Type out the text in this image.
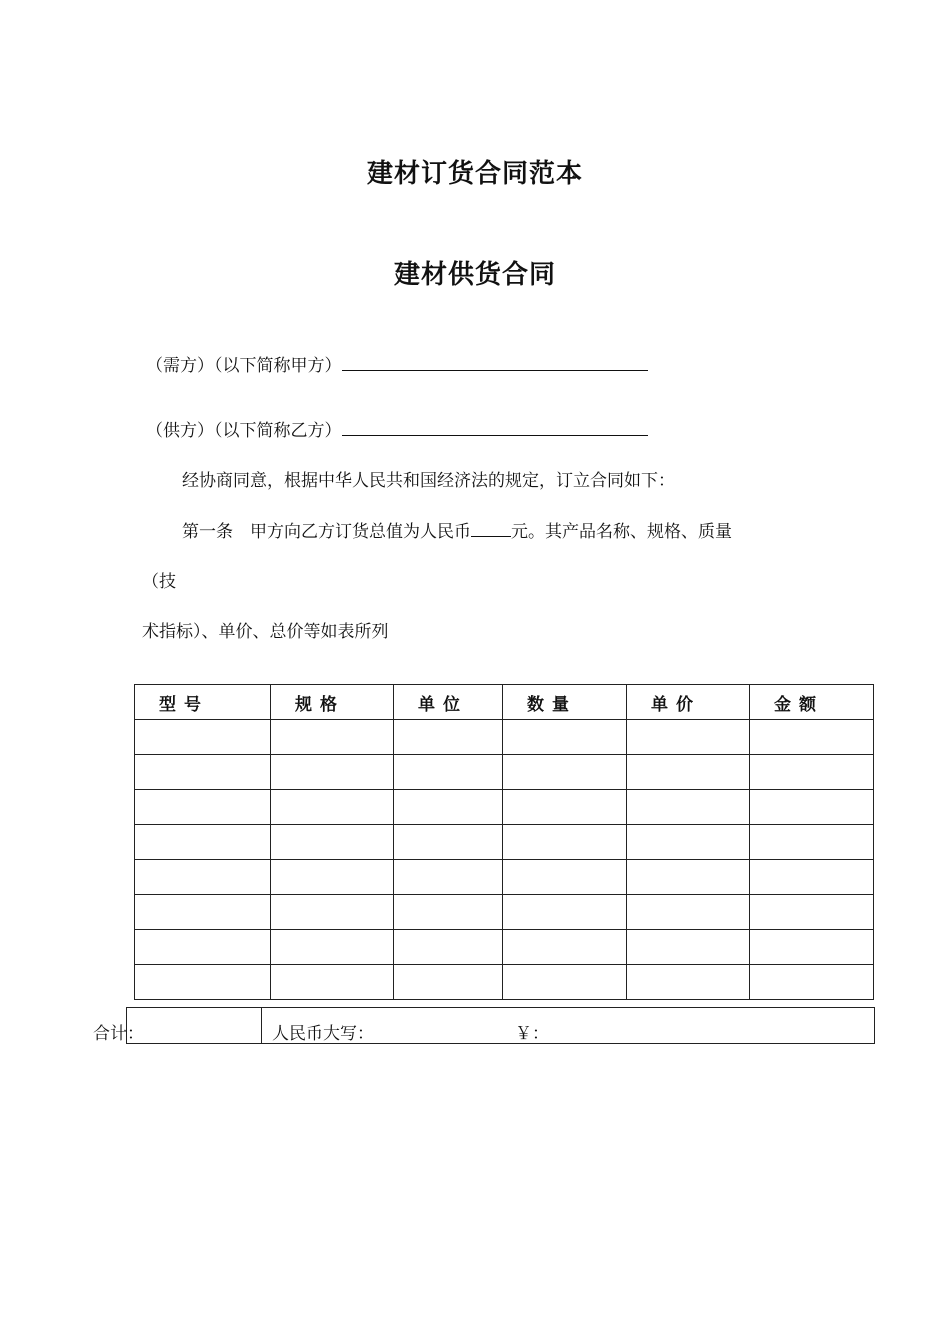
建材订货合同范本
建材供货合同
（需方）（以下简称甲方）
（供方）（以下简称乙方）
经协商同意，根据中华人民共和国经济法的规定，订立合同如下：
第一条　甲方向乙方订货总值为人民币 元。其产品名称、规格、质量
（技
术指标）、单价、总价等如表所列
型号	规格	单位	数量	单价	金额

合计：	人民币大写：	￥：
